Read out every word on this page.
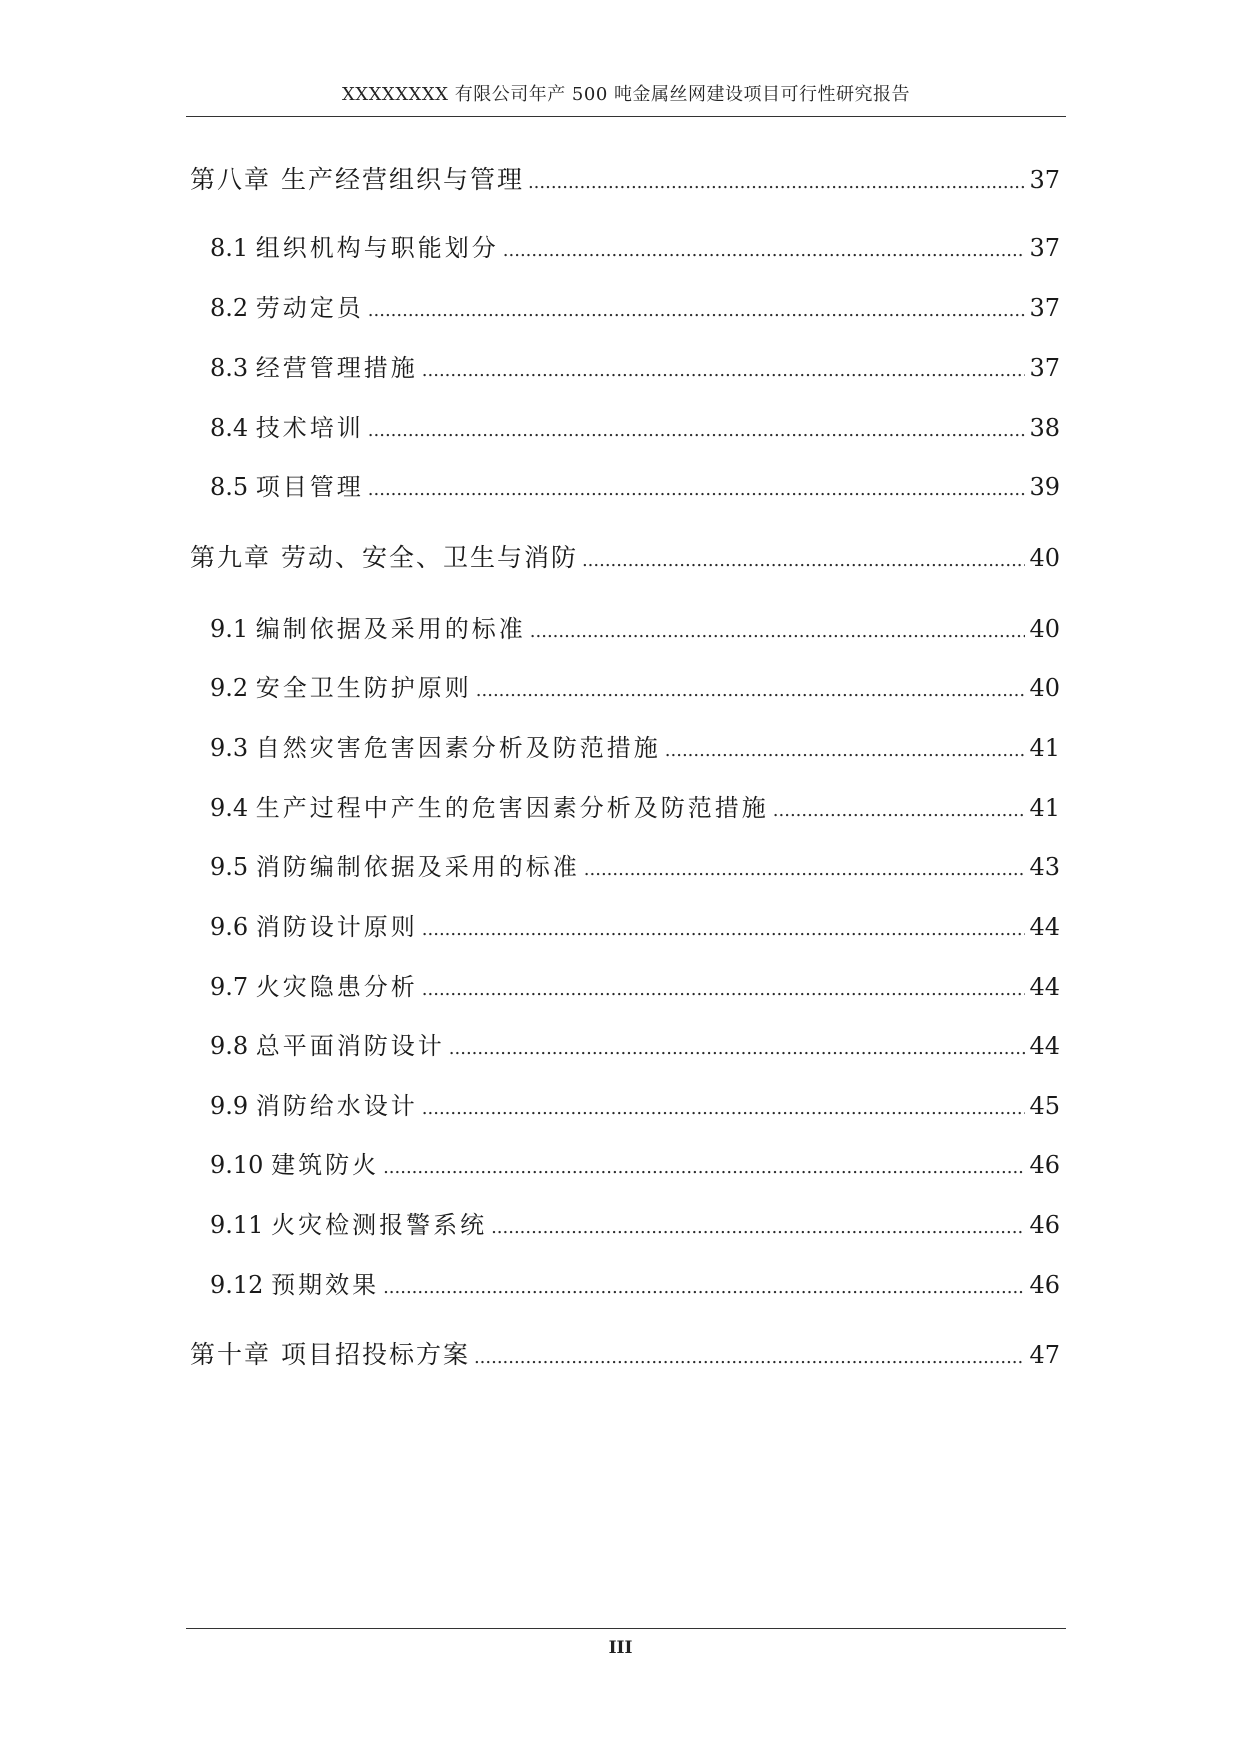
XXXXXXXX 有限公司年产 500 吨金属丝网建设项目可行性研究报告
第八章 生产经营组织与管理 .....	37
8.1 组织机构与职能划分 .....	37
8.2 劳动定员 .....	37
8.3 经营管理措施 .....	37
8.4 技术培训 .....	38
8.5 项目管理 .....	39
第九章 劳动、安全、卫生与消防 .....	40
9.1 编制依据及采用的标准 .....	40
9.2 安全卫生防护原则 .....	40
9.3 自然灾害危害因素分析及防范措施 .....	41
9.4 生产过程中产生的危害因素分析及防范措施 .....	41
9.5 消防编制依据及采用的标准 .....	43
9.6 消防设计原则 .....	44
9.7 火灾隐患分析 .....	44
9.8 总平面消防设计 .....	44
9.9 消防给水设计 .....	45
9.10 建筑防火 .....	46
9.11 火灾检测报警系统 .....	46
9.12 预期效果 .....	46
第十章 项目招投标方案 .....	47
III
